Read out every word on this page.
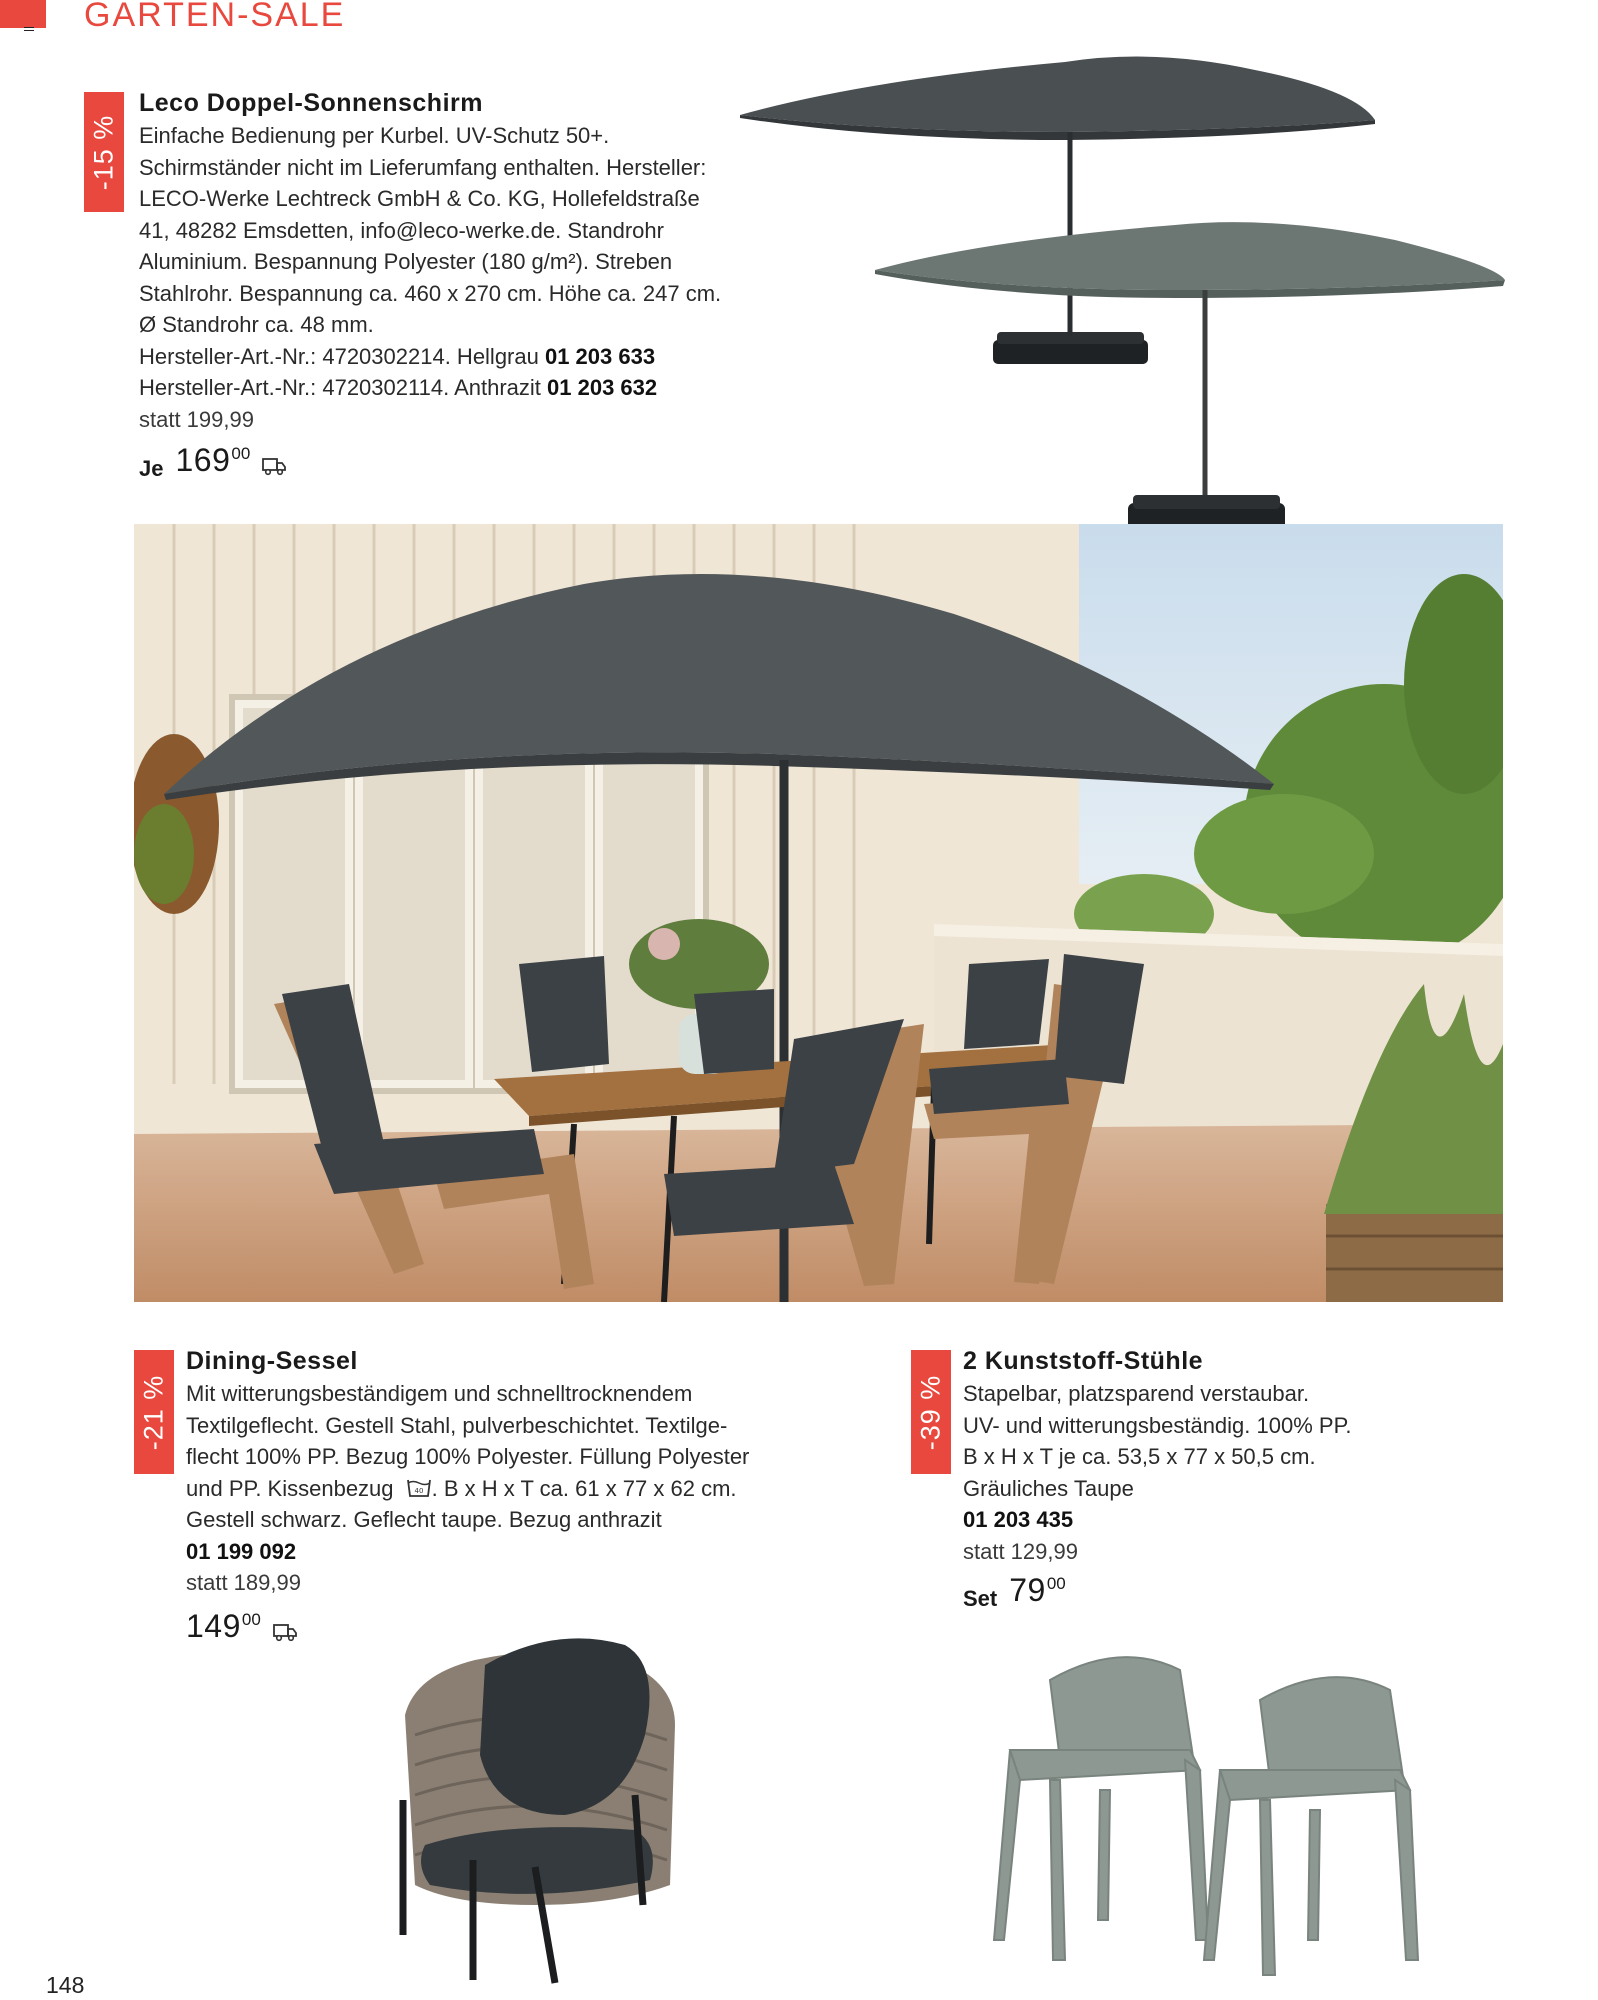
GARTEN-SALE
-15 %
Leco Doppel-Sonnenschirm
Einfache Bedienung per Kurbel. UV-Schutz 50+.
Schirmständer nicht im Lieferumfang enthalten. Hersteller:
LECO-Werke Lechtreck GmbH & Co. KG, Hollefeldstraße
41, 48282 Emsdetten, info@leco-werke.de. Standrohr
Aluminium. Bespannung Polyester (180 g/m²). Streben
Stahlrohr. Bespannung ca. 460 x 270 cm. Höhe ca. 247 cm.
Ø Standrohr ca. 48 mm.
Hersteller-Art.-Nr.: 4720302214. Hellgrau 01 203 633
Hersteller-Art.-Nr.: 4720302114. Anthrazit 01 203 632
statt 199,99
Je 169 00
-21 %
Dining-Sessel
Mit witterungsbeständigem und schnelltrocknendem
Textilgeflecht. Gestell Stahl, pulverbeschichtet. Textilge-
flecht 100% PP. Bezug 100% Polyester. Füllung Polyester
und PP. Kissenbezug	40 . B x H x T ca. 61 x 77 x 62 cm.
Gestell schwarz. Geflecht taupe. Bezug anthrazit
01 199 092
statt 189,99
149 00
-39 %
2 Kunststoff-Stühle
Stapelbar, platzsparend verstaubar.
UV- und witterungsbeständig. 100% PP.
B x H x T je ca. 53,5 x 77 x 50,5 cm.
Gräuliches Taupe
01 203 435
statt 129,99
Set 79 00
148
